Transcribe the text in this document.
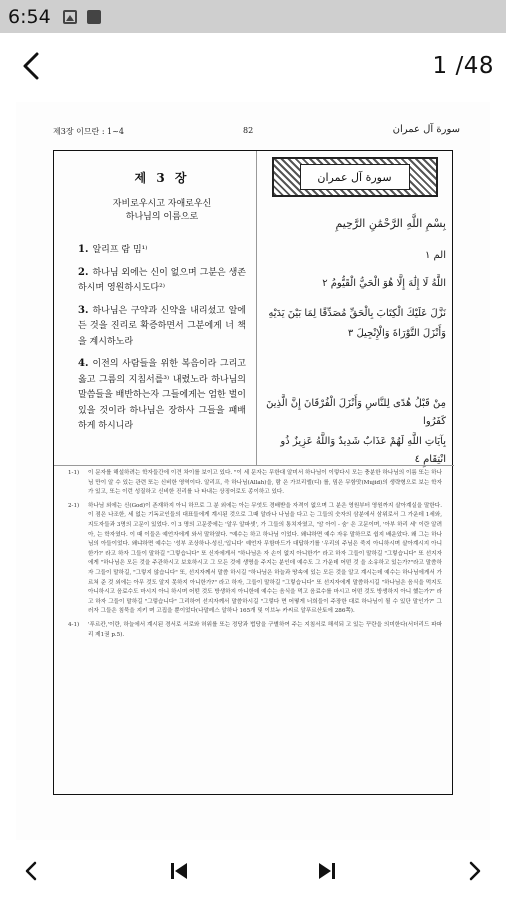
6:54
1 /48
제3장 이므란 : 1~4	82	سورة آل عمران
제 3 장
자비로우시고 자애로우신
하나님의 이름으로
1. 알리프 람 밈¹⁾
2. 하나님 외에는 신이 없으며 그분은 생존하시며 영원하시도다²⁾
3. 하나님은 구약과 신약을 내리셨고 알에 든 것을 진리로 확증하면서 그분에게 너 책을 계시하노라
4. 이전의 사람들을 위한 복음이라 그리고 옳고 그름의 지침서를³⁾ 내렸노라 하나님의 말씀들을 배반하는자 그들에게는 엄한 벌이 있을 것이라 하나님은 장하사 그들을 패배하게 하시니라
سورة آل عمران
بِسْمِ اللَّهِ الرَّحْمَٰنِ الرَّحِيمِ
الم ١
اللَّهُ لَا إِلَٰهَ إِلَّا هُوَ الْحَيُّ الْقَيُّومُ ٢
نَزَّلَ عَلَيْكَ الْكِتَابَ بِالْحَقِّ مُصَدِّقًا لِمَا بَيْنَ يَدَيْهِ
وَأَنْزَلَ التَّوْرَاةَ وَالْإِنْجِيلَ ٣
مِنْ قَبْلُ هُدًى لِلنَّاسِ وَأَنْزَلَ الْفُرْقَانَ إِنَّ الَّذِينَ كَفَرُوا
بِآيَاتِ اللَّهِ لَهُمْ عَذَابٌ شَدِيدٌ وَاللَّهُ عَزِيزٌ ذُو انْتِقَامٍ ٤
1-1)	이 문자를 해설하려는 학자들간에 이견 차이를 보이고 있다. "이 세 문자는 무한대 알미서 하나님이 이렇다시 모는 충분한 하나님의 이름 또는 하나님 만이 알 수 있는 관련 또는 신비한 영역이다. 알리프, 즉 하나님(Allah)을, 람 은 가브리엘(디) 를, 밈은 무함맛(Mujid)의 생략형으로 보는 학자가 있고, 또는 이런 성질하고 신비한 진리를 나 타내는 상징어로도 종이하고 있다.
2-1)	하나님 외에는 신(God)이 존재하지 아니 하므로 그 분 외에는 아는 무엇도 경배받을 자격이 없으며 그 분은 영원부터 영원까지 살아계실을 말한다. 이 점은 나조한, 세 없는 기독교인들의 대표들에게 계시된 것으로 그때 알라나 나님을 다고 는 그들의 숫자의 삼분에서 삼위로서 그 가운데 1세와, 지도자들과 3명의 고문이 있었다. 이 3 명의 고문중에는 '알우 알파셋', 가 그들의 통치자였고, '암 아이 - 숨' 은 고문이며, '아부 하리 세' 이란 알려아, 는 학자였다. 이 때 이들은 예언자에게 와서 말하였다. "예수는 하고 하나님 이었다. 왜냐하면 예수 자유 말하므로 쉽지 배운았다. 왜 그는 하나님의 아들이었다. 왜냐하면 예수는 '성부 조상하나-성신,'입니다' 예언자 무함마드가 대답하기를 '우리의 주님은 죽지 아니하시며 살아계시지 아니한가?' 라고 하자 그들이 말하길 "그렇습니다" 또 신자에게서 "하나님은 자 손이 없지 아니한가" 라고 하자 그들이 말하길 "그렇습니다" 또 선지자에게 "하나님은 모든 것을 주관하시고 보호하시고 그 모든 것에 생명을 주지는 분인데 예수도 그 가운데 어떤 것 을 소유하고 있는가?"라고 말씀하자 그들이 말하길, "그렇지 않습니다" 또, 선지자께서 말씀 하시길 "하나님은 하늘과 땅속에 있는 모든 것을 알고 계시는데 예수는 하나님에게서 가르쳐 준 것 외에는 아무 것도 알지 못하지 아니한가?" 라고 하자, 그들이 말하길 "그렇습니다" 또 선지자에게 말씀하시길 "하나님은 음식을 먹지도 아니하시고 음료수도 마시지 아니 하시며 어떤 것도 방생하지 아니한데 예수는 음식을 먹고 음료수를 마시고 어떤 것도 방생하지 아니 했는가?" 라고 하자 그들이 말하길 "그렇습니다" 그리하여 선지자께서 말씀하시길 "그렇다 면 어떻게 너희들이 주장한 대로 하나님이 될 수 있단 말인가?" 그러자 그들은 침묵을 지키 며 고집을 뿐이었다(나말레스 알하나 165개 및 이브누 카씨르 알푸르산토에 286쪽).
4-1)	'푸르칸,'이란, 하늘에서 계시된 경서로 서로와 허위를 또는 정당과 법당을 구별하여 주는 지침서로 해석되 고 있는 꾸란을 의미한다(서더리드 파파리 제1권 p.5).
